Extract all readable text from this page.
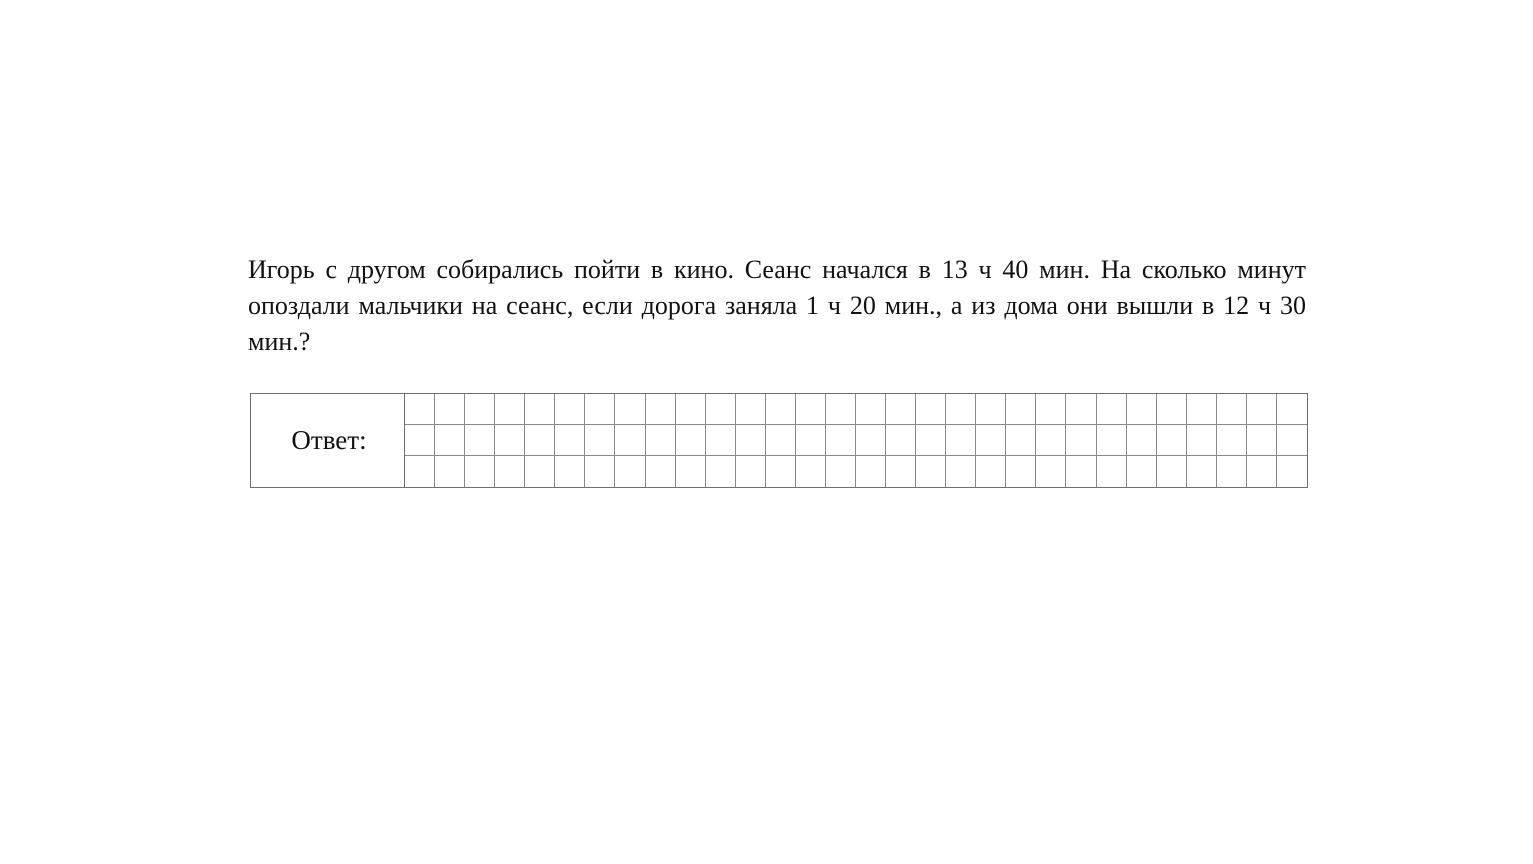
Игорь с другом собирались пойти в кино. Сеанс начался в 13 ч 40 мин. На сколько минут опоздали мальчики на сеанс, если дорога заняла 1 ч 20 мин., а из дома они вышли в 12 ч 30 мин.?

Ответ:
